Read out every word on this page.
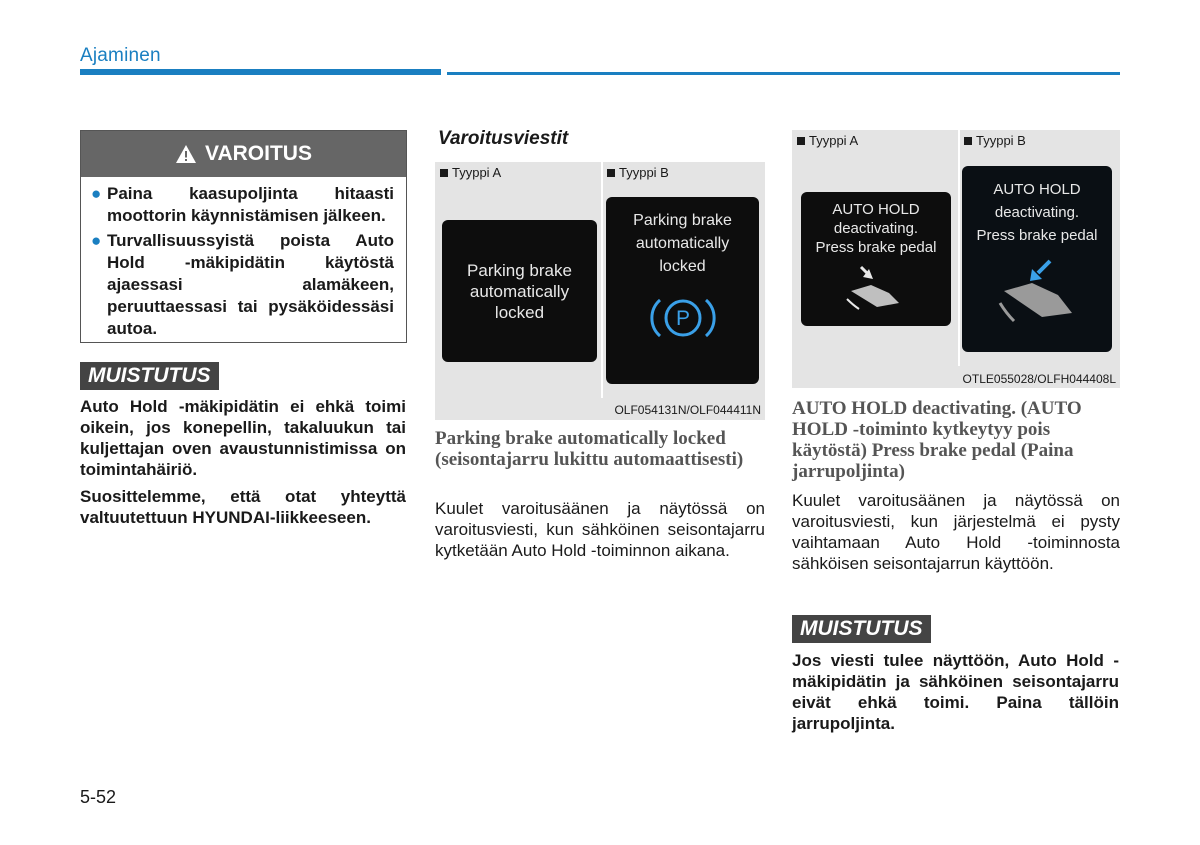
Ajaminen
VAROITUS
● Paina kaasupoljinta hitaasti moottorin käynnistämisen jälkeen.
● Turvallisuussyistä poista Auto Hold -mäkipidätin käytöstä ajaessasi alamäkeen, peruuttaessasi tai pysäköidessäsi autoa.
MUISTUTUS

Auto Hold -mäkipidätin ei ehkä toimi oikein, jos konepellin, takaluukun tai kuljettajan oven avaustunnistimissa on toimintahäiriö.

Suosittelemme, että otat yhteyttä valtuutettuun HYUNDAI-liikkeeseen.

Varoitusviestit
Tyyppi A	Tyyppi B
Parking brake
automatically
locked
Parking brake
automatically
locked
P
OLF054131N/OLF044411N

Parking brake automatically locked (seisontajarru lukittu automaattisesti)

Kuulet varoitusäänen ja näytössä on varoitusviesti, kun sähköinen seisontajarru kytketään Auto Hold -toiminnon aikana.

Tyyppi A	Tyyppi B
AUTO HOLD
deactivating.
Press brake pedal
AUTO HOLD
deactivating.
Press brake pedal
OTLE055028/OLFH044408L

AUTO HOLD deactivating. (AUTO HOLD -toiminto kytkeytyy pois käytöstä) Press brake pedal (Paina jarrupoljinta)

Kuulet varoitusäänen ja näytössä on varoitusviesti, kun järjestelmä ei pysty vaihtamaan Auto Hold -toiminnosta sähköisen seisontajarrun käyttöön.

MUISTUTUS

Jos viesti tulee näyttöön, Auto Hold -mäkipidätin ja sähköinen seisontajarru eivät ehkä toimi. Paina tällöin jarrupoljinta.

5-52
